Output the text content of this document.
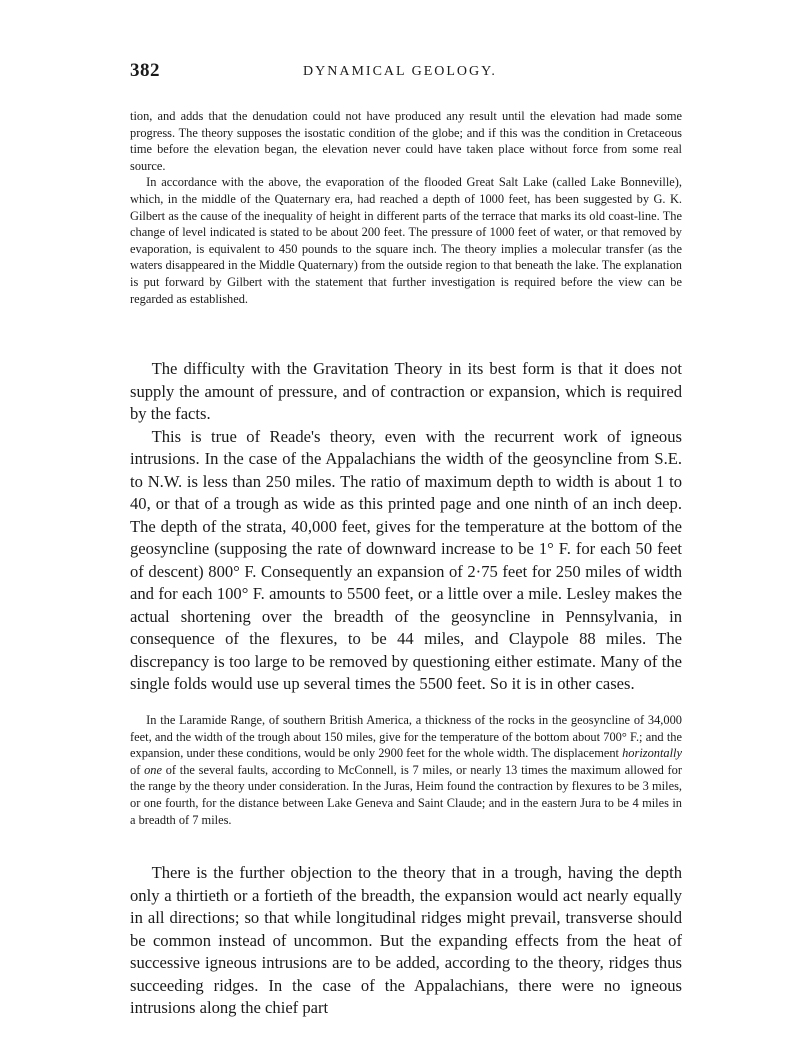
382	DYNAMICAL GEOLOGY.

tion, and adds that the denudation could not have produced any result until the elevation had made some progress. The theory supposes the isostatic condition of the globe; and if this was the condition in Cretaceous time before the elevation began, the elevation never could have taken place without force from some real source.

In accordance with the above, the evaporation of the flooded Great Salt Lake (called Lake Bonneville), which, in the middle of the Quaternary era, had reached a depth of 1000 feet, has been suggested by G. K. Gilbert as the cause of the inequality of height in different parts of the terrace that marks its old coast-line. The change of level indicated is stated to be about 200 feet. The pressure of 1000 feet of water, or that removed by evaporation, is equivalent to 450 pounds to the square inch. The theory implies a molecular transfer (as the waters disappeared in the Middle Quaternary) from the outside region to that beneath the lake. The explanation is put forward by Gilbert with the statement that further investigation is required before the view can be regarded as established.

The difficulty with the Gravitation Theory in its best form is that it does not supply the amount of pressure, and of contraction or expansion, which is required by the facts.

This is true of Reade's theory, even with the recurrent work of igneous intrusions. In the case of the Appalachians the width of the geosyncline from S.E. to N.W. is less than 250 miles. The ratio of maximum depth to width is about 1 to 40, or that of a trough as wide as this printed page and one ninth of an inch deep. The depth of the strata, 40,000 feet, gives for the temperature at the bottom of the geosyncline (supposing the rate of downward increase to be 1° F. for each 50 feet of descent) 800° F. Consequently an expansion of 2·75 feet for 250 miles of width and for each 100° F. amounts to 5500 feet, or a little over a mile. Lesley makes the actual shortening over the breadth of the geosyncline in Pennsylvania, in consequence of the flexures, to be 44 miles, and Claypole 88 miles. The discrepancy is too large to be removed by questioning either estimate. Many of the single folds would use up several times the 5500 feet. So it is in other cases.

In the Laramide Range, of southern British America, a thickness of the rocks in the geosyncline of 34,000 feet, and the width of the trough about 150 miles, give for the temperature of the bottom about 700° F.; and the expansion, under these conditions, would be only 2900 feet for the whole width. The displacement horizontally of one of the several faults, according to McConnell, is 7 miles, or nearly 13 times the maximum allowed for the range by the theory under consideration. In the Juras, Heim found the contraction by flexures to be 3 miles, or one fourth, for the distance between Lake Geneva and Saint Claude; and in the eastern Jura to be 4 miles in a breadth of 7 miles.

There is the further objection to the theory that in a trough, having the depth only a thirtieth or a fortieth of the breadth, the expansion would act nearly equally in all directions; so that while longitudinal ridges might prevail, transverse should be common instead of uncommon. But the expanding effects from the heat of successive igneous intrusions are to be added, according to the theory, ridges thus succeeding ridges. In the case of the Appalachians, there were no igneous intrusions along the chief part
